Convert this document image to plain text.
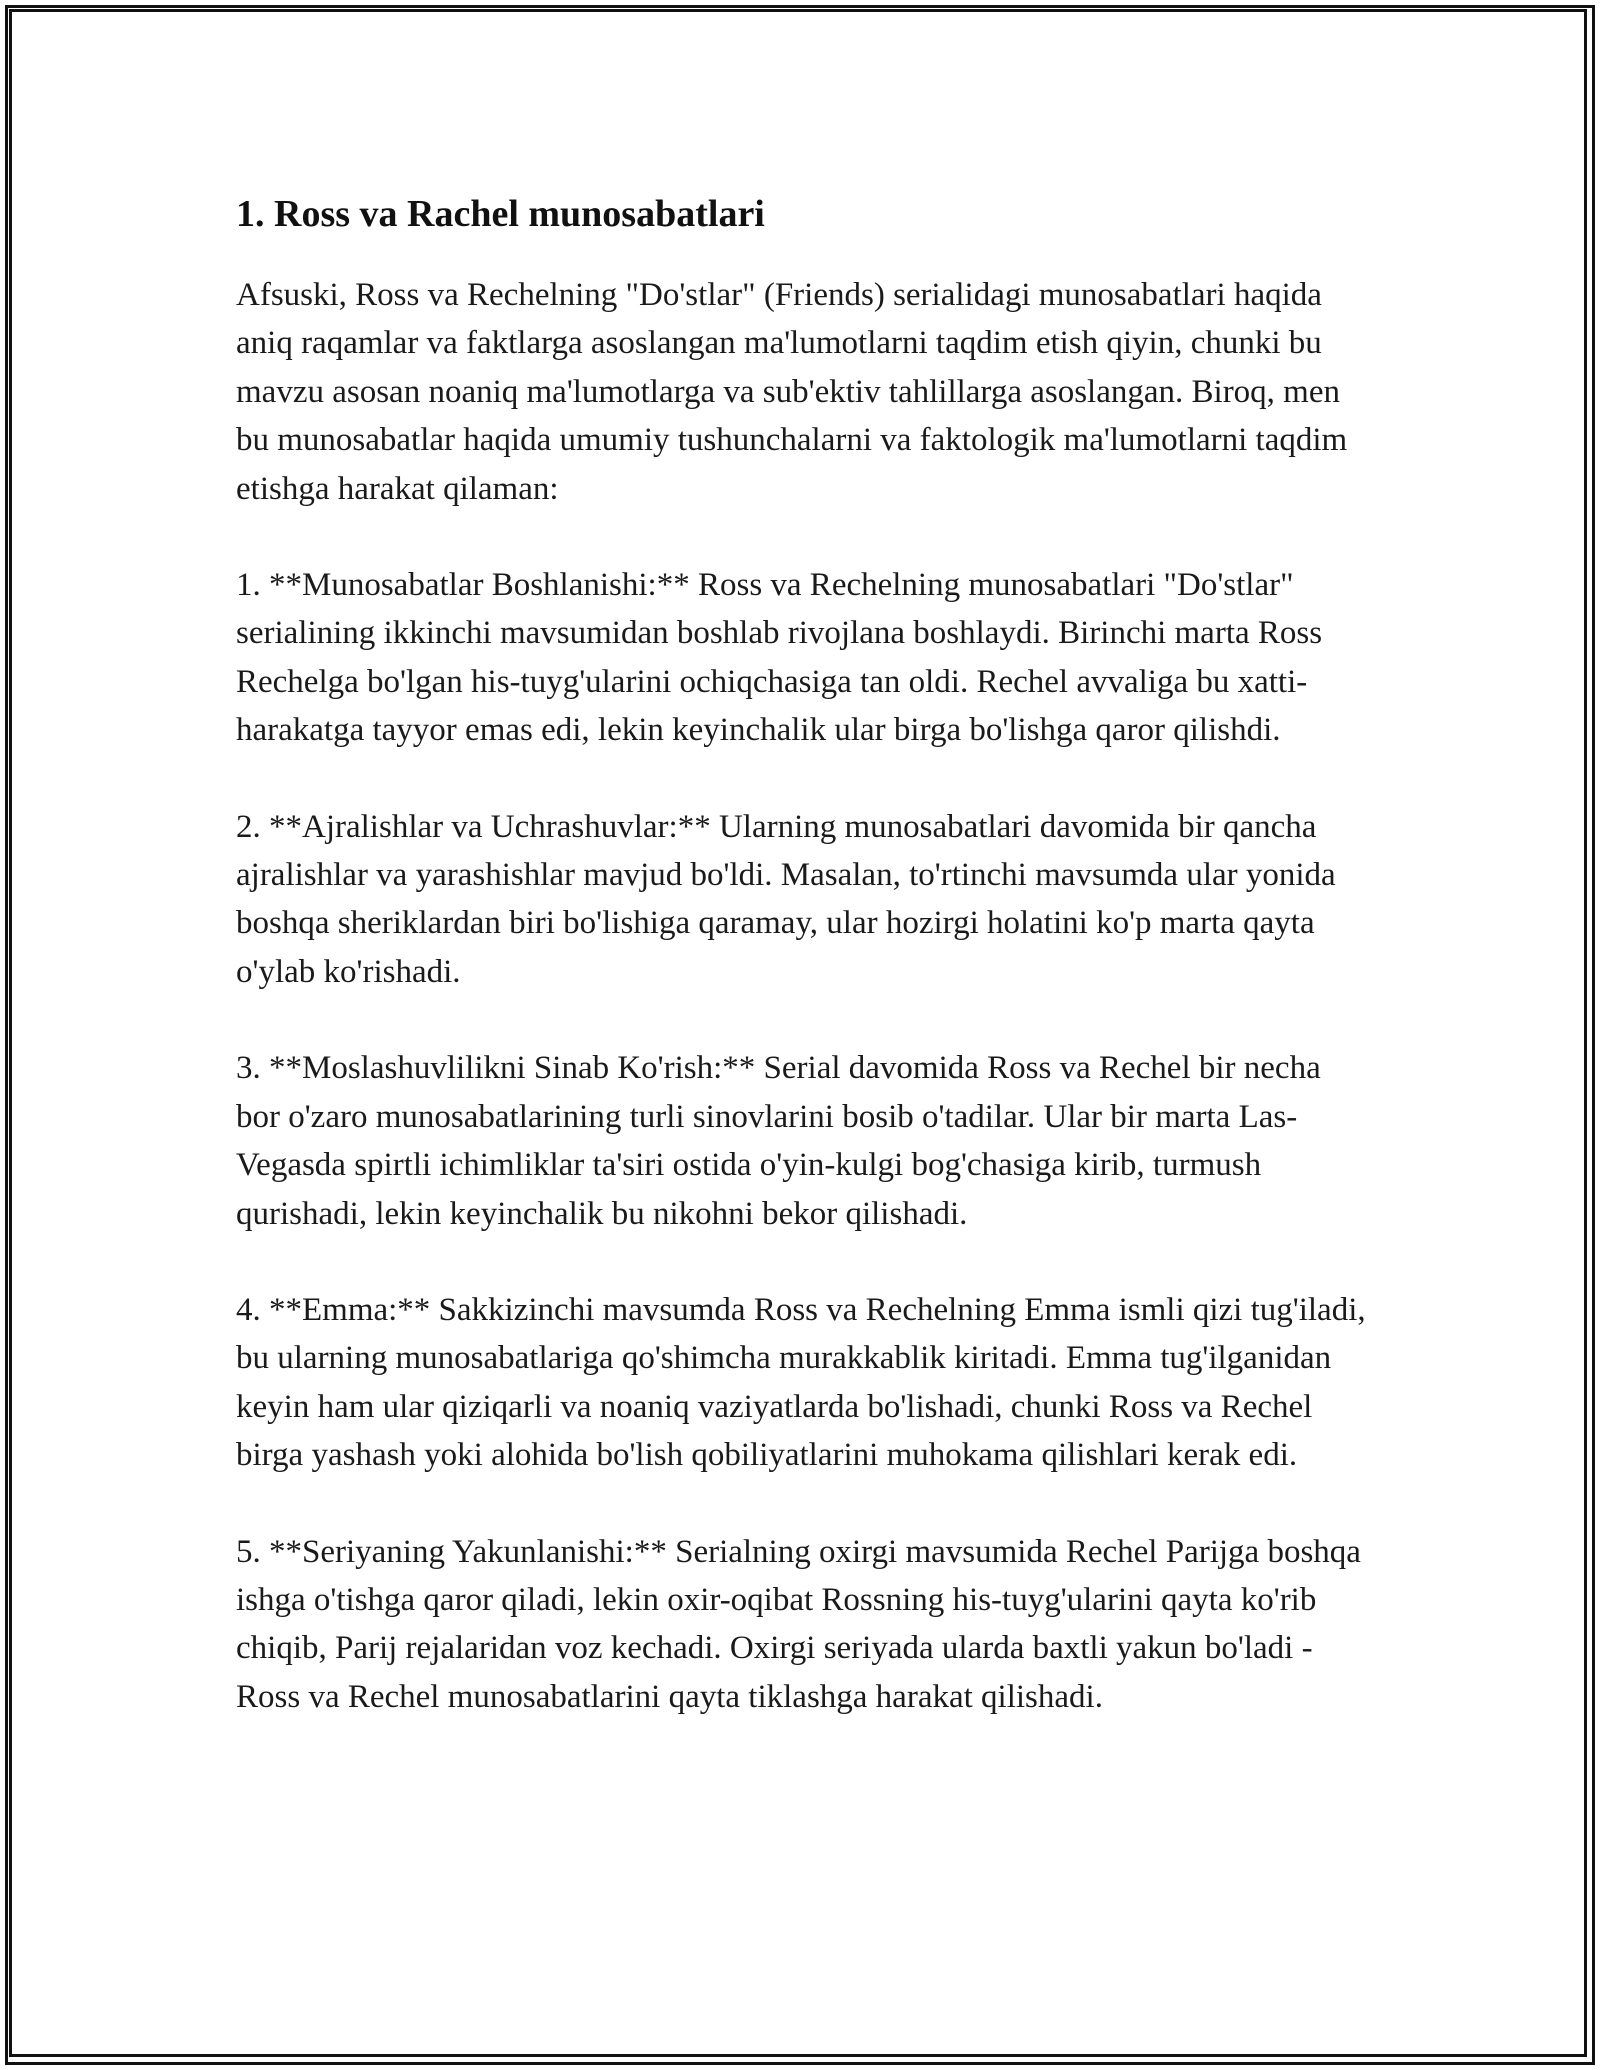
1. Ross va Rachel munosabatlari

Afsuski, Ross va Rechelning "Do'stlar" (Friends) serialidagi munosabatlari haqida aniq raqamlar va faktlarga asoslangan ma'lumotlarni taqdim etish qiyin, chunki bu mavzu asosan noaniq ma'lumotlarga va sub'ektiv tahlillarga asoslangan. Biroq, men bu munosabatlar haqida umumiy tushunchalarni va faktologik ma'lumotlarni taqdim etishga harakat qilaman:

1. **Munosabatlar Boshlanishi:** Ross va Rechelning munosabatlari "Do'stlar" serialining ikkinchi mavsumidan boshlab rivojlana boshlaydi. Birinchi marta Ross Rechelga bo'lgan his-tuyg'ularini ochiqchasiga tan oldi. Rechel avvaliga bu xatti-harakatga tayyor emas edi, lekin keyinchalik ular birga bo'lishga qaror qilishdi.

2. **Ajralishlar va Uchrashuvlar:** Ularning munosabatlari davomida bir qancha ajralishlar va yarashishlar mavjud bo'ldi. Masalan, to'rtinchi mavsumda ular yonida boshqa sheriklardan biri bo'lishiga qaramay, ular hozirgi holatini ko'p marta qayta o'ylab ko'rishadi.

3. **Moslashuvlilikni Sinab Ko'rish:** Serial davomida Ross va Rechel bir necha bor o'zaro munosabatlarining turli sinovlarini bosib o'tadilar. Ular bir marta Las-Vegasda spirtli ichimliklar ta'siri ostida o'yin-kulgi bog'chasiga kirib, turmush qurishadi, lekin keyinchalik bu nikohni bekor qilishadi.

4. **Emma:** Sakkizinchi mavsumda Ross va Rechelning Emma ismli qizi tug'iladi, bu ularning munosabatlariga qo'shimcha murakkablik kiritadi. Emma tug'ilganidan keyin ham ular qiziqarli va noaniq vaziyatlarda bo'lishadi, chunki Ross va Rechel birga yashash yoki alohida bo'lish qobiliyatlarini muhokama qilishlari kerak edi.

5. **Seriyaning Yakunlanishi:** Serialning oxirgi mavsumida Rechel Parijga boshqa ishga o'tishga qaror qiladi, lekin oxir-oqibat Rossning his-tuyg'ularini qayta ko'rib chiqib, Parij rejalaridan voz kechadi. Oxirgi seriyada ularda baxtli yakun bo'ladi - Ross va Rechel munosabatlarini qayta tiklashga harakat qilishadi.
